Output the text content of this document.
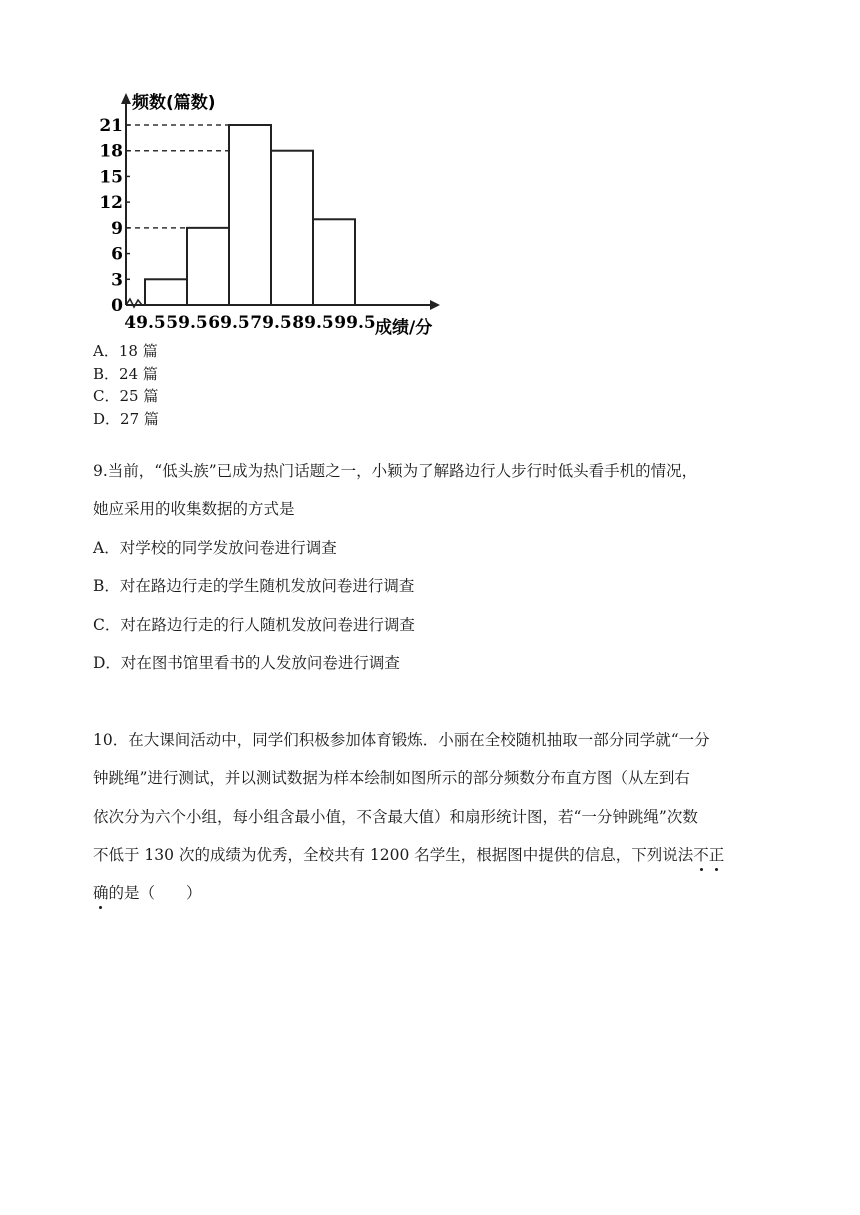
0
3
6
9
12
15
18
21
49.5 59.5 69.5 79.5 89.5 99.5
频数(篇数)
成绩/分
A．18 篇
B．24 篇
C．25 篇
D．27 篇
9.当前，“低头族”已成为热门话题之一，小颖为了解路边行人步行时低头看手机的情况，
她应采用的收集数据的方式是
A．对学校的同学发放问卷进行调查
B．对在路边行走的学生随机发放问卷进行调查
C．对在路边行走的行人随机发放问卷进行调查
D．对在图书馆里看书的人发放问卷进行调查
10．在大课间活动中，同学们积极参加体育锻炼．小丽在全校随机抽取一部分同学就“一分
钟跳绳”进行测试，并以测试数据为样本绘制如图所示的部分频数分布直方图（从左到右
依次分为六个小组，每小组含最小值，不含最大值）和扇形统计图，若“一分钟跳绳”次数
不低于 130 次的成绩为优秀，全校共有 1200 名学生，根据图中提供的信息，下列说法不正
确的是（　　）
